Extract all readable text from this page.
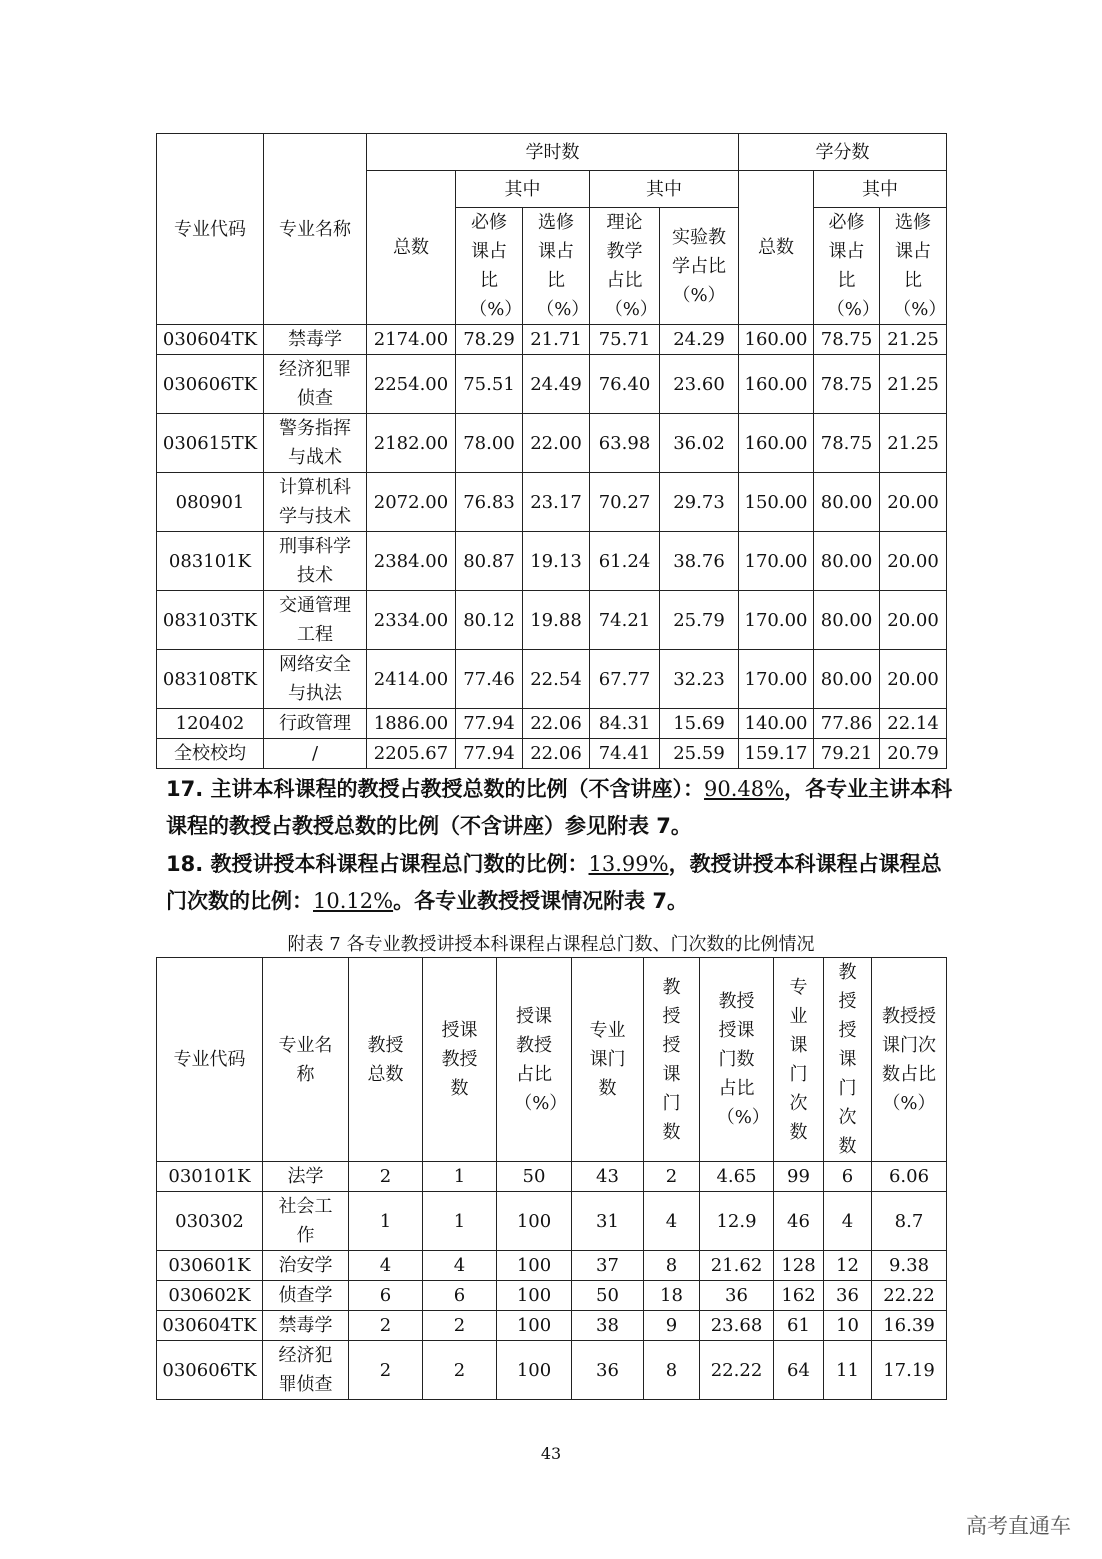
专业代码	专业名称	学时数					学分数		
		总数	其中		其中		总数	其中	
			必修课占比（%）	选修课占比（%）	理论教学占比（%）	实验教学占比（%）		必修课占比（%）	选修课占比（%）
030604TK	禁毒学	2174.00	78.29	21.71	75.71	24.29	160.00	78.75	21.25
030606TK	经济犯罪侦查	2254.00	75.51	24.49	76.40	23.60	160.00	78.75	21.25
030615TK	警务指挥与战术	2182.00	78.00	22.00	63.98	36.02	160.00	78.75	21.25
080901	计算机科学与技术	2072.00	76.83	23.17	70.27	29.73	150.00	80.00	20.00
083101K	刑事科学技术	2384.00	80.87	19.13	61.24	38.76	170.00	80.00	20.00
083103TK	交通管理工程	2334.00	80.12	19.88	74.21	25.79	170.00	80.00	20.00
083108TK	网络安全与执法	2414.00	77.46	22.54	67.77	32.23	170.00	80.00	20.00
120402	行政管理	1886.00	77.94	22.06	84.31	15.69	140.00	77.86	22.14
全校校均	/	2205.67	77.94	22.06	74.41	25.59	159.17	79.21	20.79
17. 主讲本科课程的教授占教授总数的比例（不含讲座）：90.48%，各专业主讲本科课程的教授占教授总数的比例（不含讲座）参见附表 7。
18. 教授讲授本科课程占课程总门数的比例：13.99%，教授讲授本科课程占课程总门次数的比例：10.12%。各专业教授授课情况附表 7。
附表 7 各专业教授讲授本科课程占课程总门数、门次数的比例情况
专业代码	专业名称	教授总数	授课教授数	授课教授占比（%）	专业课门数	教授授课门数	教授授课门数占比（%）	专业课门次数	教授授课门次数	教授授课门次数占比（%）
030101K	法学	2	1	50	43	2	4.65	99	6	6.06
030302	社会工作	1	1	100	31	4	12.9	46	4	8.7
030601K	治安学	4	4	100	37	8	21.62	128	12	9.38
030602K	侦查学	6	6	100	50	18	36	162	36	22.22
030604TK	禁毒学	2	2	100	38	9	23.68	61	10	16.39
030606TK	经济犯罪侦查	2	2	100	36	8	22.22	64	11	17.19
43
高考直通车
